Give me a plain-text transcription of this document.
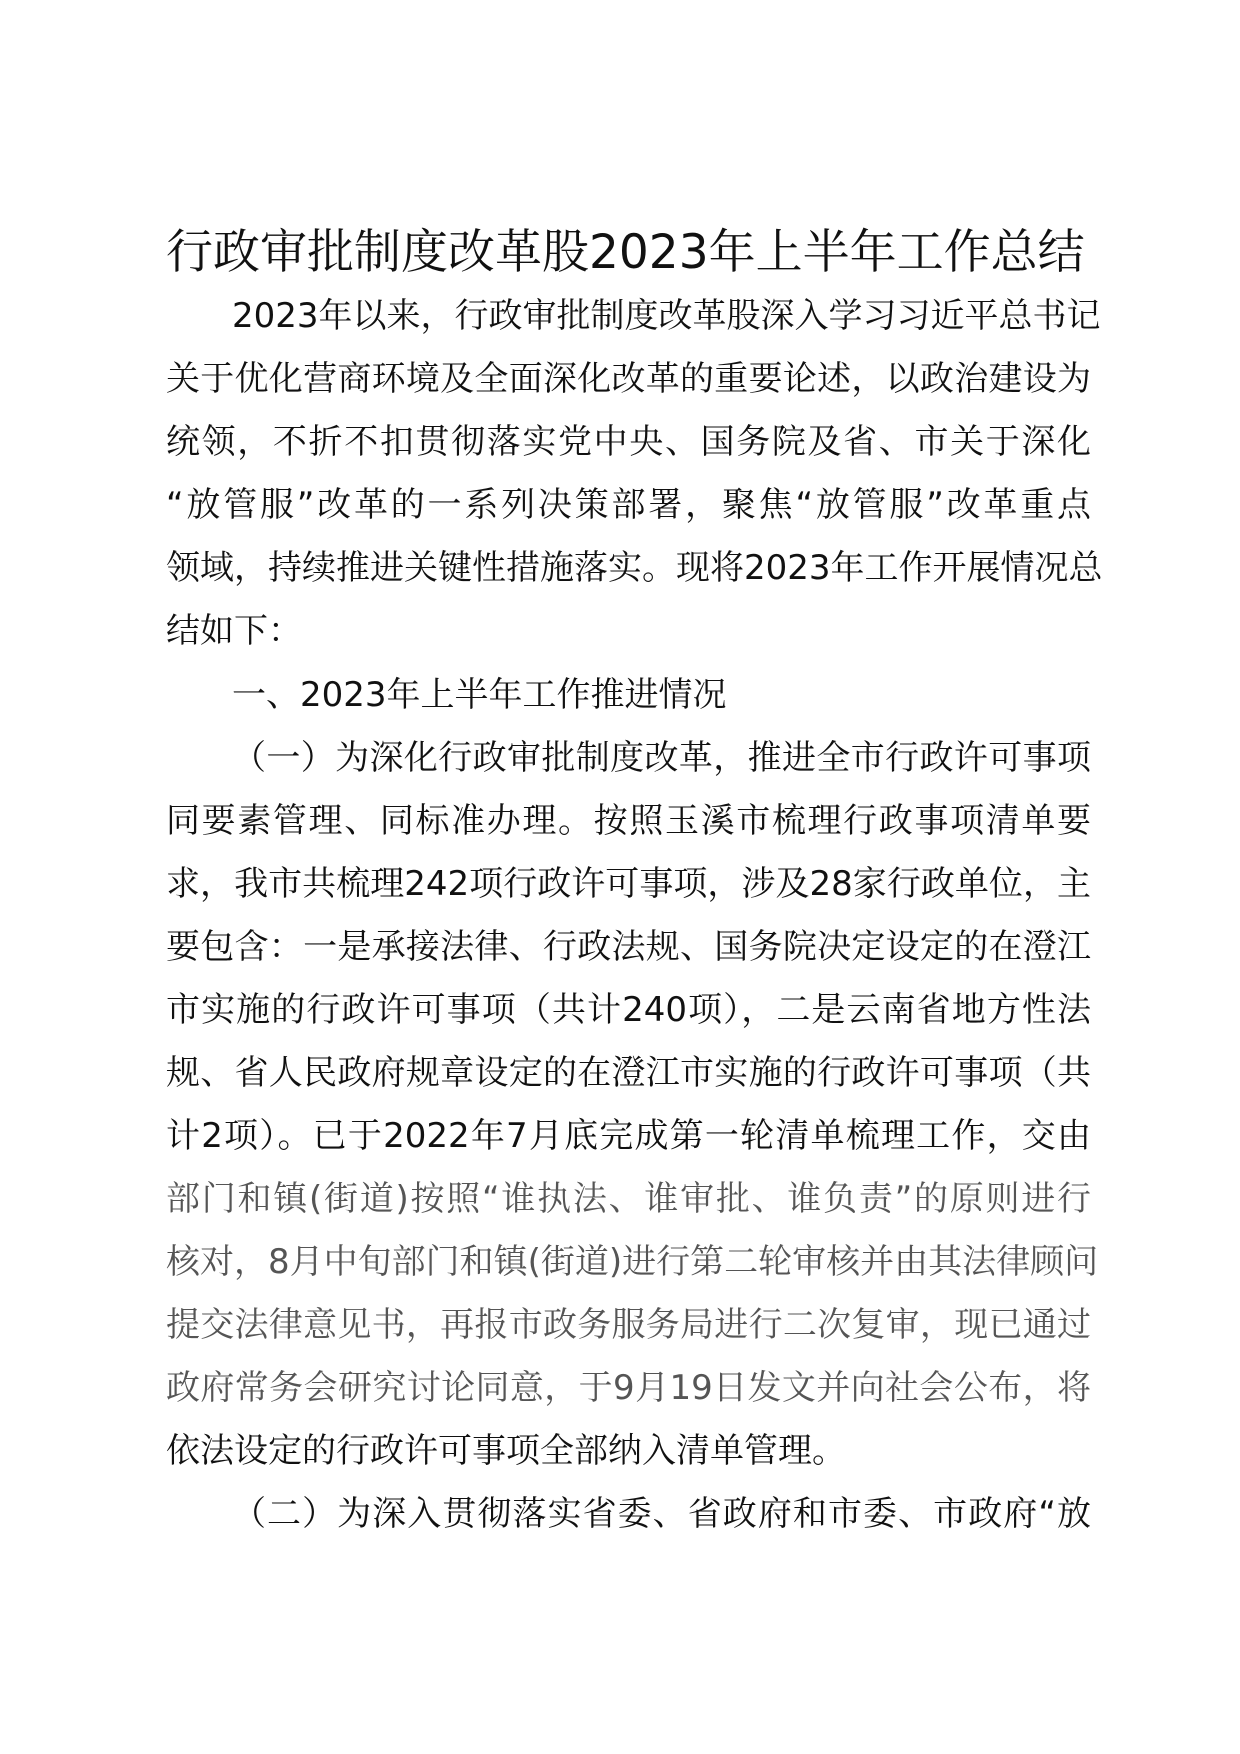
行政审批制度改革股2023年上半年工作总结

2023年以来，行政审批制度改革股深入学习习近平总书记

关于优化营商环境及全面深化改革的重要论述，以政治建设为

统领，不折不扣贯彻落实党中央、国务院及省、市关于深化

“放管服”改革的一系列决策部署，聚焦“放管服”改革重点

领域，持续推进关键性措施落实。现将2023年工作开展情况总

结如下：

一、2023年上半年工作推进情况

（一）为深化行政审批制度改革，推进全市行政许可事项

同要素管理、同标准办理。按照玉溪市梳理行政事项清单要

求，我市共梳理242项行政许可事项，涉及28家行政单位，主

要包含：一是承接法律、行政法规、国务院决定设定的在澄江

市实施的行政许可事项（共计240项），二是云南省地方性法

规、省人民政府规章设定的在澄江市实施的行政许可事项（共

计2项）。已于2022年7月底完成第一轮清单梳理工作，交由

部门和镇(街道)按照“谁执法、谁审批、谁负责”的原则进行

核对，8月中旬部门和镇(街道)进行第二轮审核并由其法律顾问

提交法律意见书，再报市政务服务局进行二次复审，现已通过

政府常务会研究讨论同意，于9月19日发文并向社会公布，将

依法设定的行政许可事项全部纳入清单管理。

（二）为深入贯彻落实省委、省政府和市委、市政府“放
